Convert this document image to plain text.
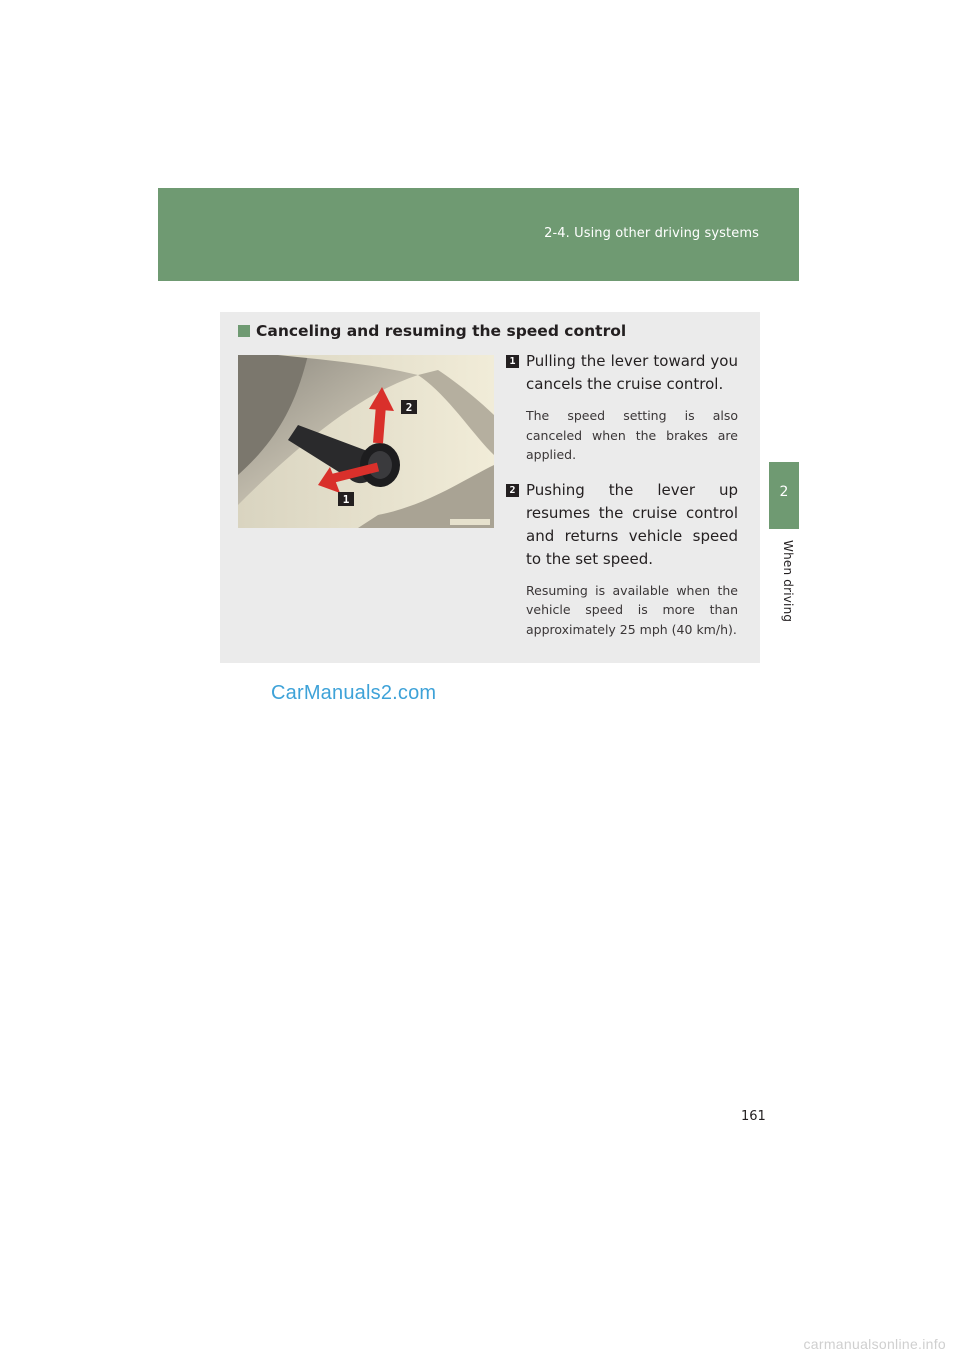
2-4. Using other driving systems
2
When driving
Canceling and resuming the speed control
2
1
1 Pulling the lever toward you cancels the cruise control.

The speed setting is also canceled when the brakes are applied.

2 Pushing the lever up resumes the cruise control and returns vehicle speed to the set speed.

Resuming is available when the vehicle speed is more than approximately 25 mph (40 km/h).

CarManuals2.com
161
carmanualsonline.info
